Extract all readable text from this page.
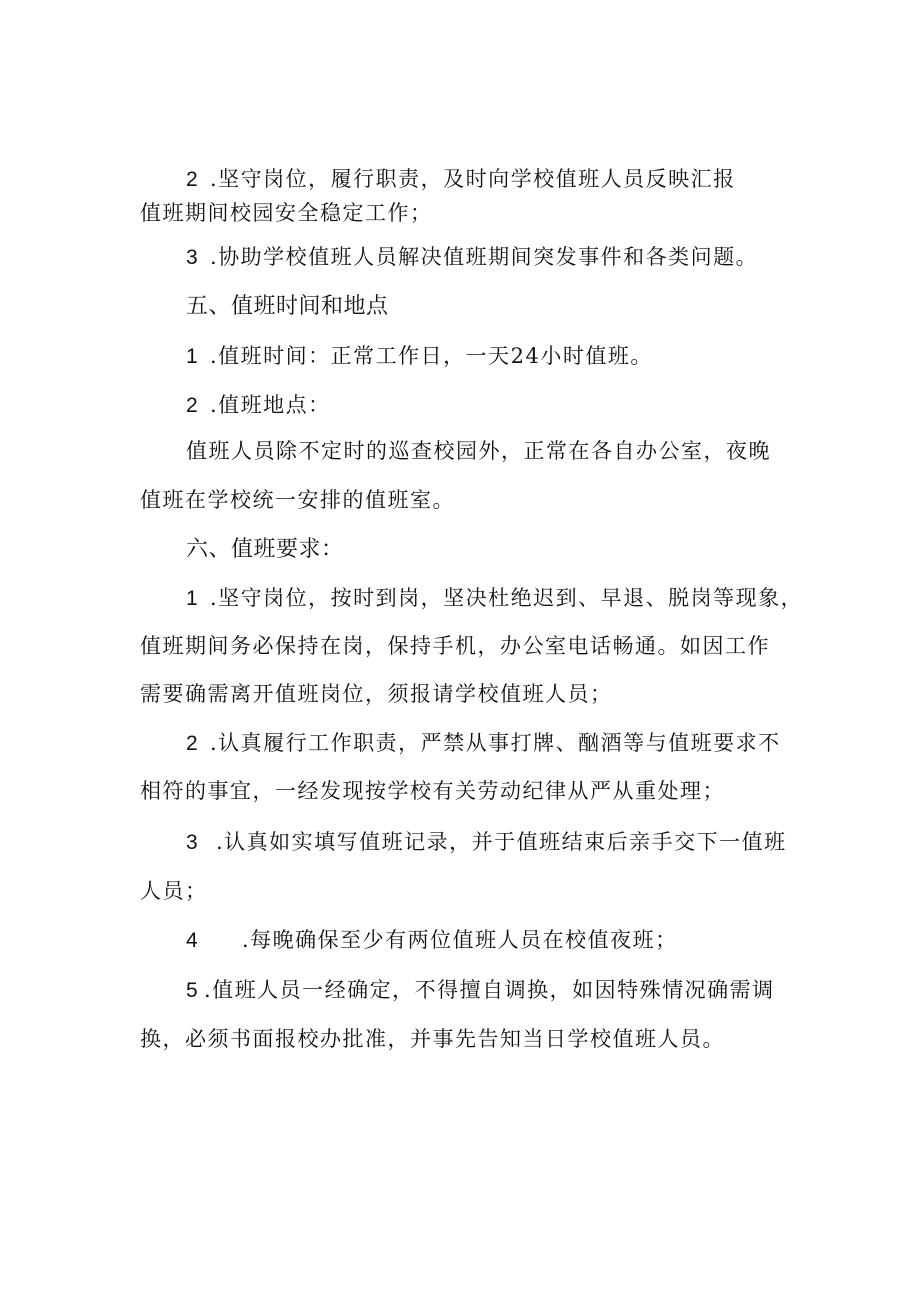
2 .坚守岗位，履行职责，及时向学校值班人员反映汇报
值班期间校园安全稳定工作；
3 .协助学校值班人员解决值班期间突发事件和各类问题。
五、值班时间和地点
1 .值班时间：正常工作日，一天24小时值班。
2 .值班地点：
值班人员除不定时的巡查校园外，正常在各自办公室，夜晚
值班在学校统一安排的值班室。
六、值班要求：
1 .坚守岗位，按时到岗，坚决杜绝迟到、早退、脱岗等现象，
值班期间务必保持在岗，保持手机，办公室电话畅通。如因工作
需要确需离开值班岗位，须报请学校值班人员；
2 .认真履行工作职责，严禁从事打牌、酗酒等与值班要求不
相符的事宜，一经发现按学校有关劳动纪律从严从重处理；
3 .认真如实填写值班记录，并于值班结束后亲手交下一值班
人员；
4 .每晚确保至少有两位值班人员在校值夜班；
5 .值班人员一经确定，不得擅自调换，如因特殊情况确需调
换，必须书面报校办批准，并事先告知当日学校值班人员。
